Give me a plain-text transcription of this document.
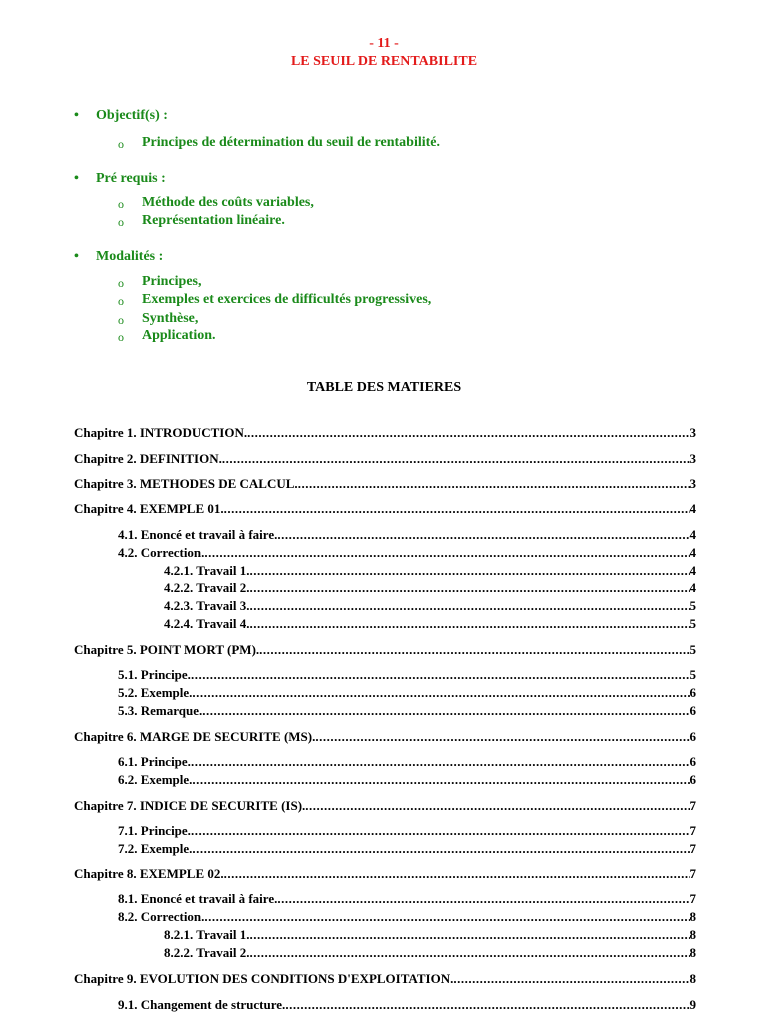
- 11 -
LE SEUIL DE RENTABILITE
• Objectif(s) :
o Principes de détermination du seuil de rentabilité.
• Pré requis :
o Méthode des coûts variables,
o Représentation linéaire.
• Modalités :
o Principes,
o Exemples et exercices de difficultés progressives,
o Synthèse,
o Application.
TABLE DES MATIERES
Chapitre 1. INTRODUCTION. .....	3
Chapitre 2. DEFINITION. .....	3
Chapitre 3. METHODES DE CALCUL. .....	3
Chapitre 4. EXEMPLE 01. .....	4
4.1. Enoncé et travail à faire. .....	4
4.2. Correction. .....	4
4.2.1. Travail 1. .....	4
4.2.2. Travail 2. .....	4
4.2.3. Travail 3. .....	5
4.2.4. Travail 4. .....	5
Chapitre 5. POINT MORT (PM). .....	5
5.1. Principe. .....	5
5.2. Exemple. .....	6
5.3. Remarque. .....	6
Chapitre 6. MARGE DE SECURITE (MS). .....	6
6.1. Principe. .....	6
6.2. Exemple. .....	6
Chapitre 7. INDICE DE SECURITE (IS). .....	7
7.1. Principe. .....	7
7.2. Exemple. .....	7
Chapitre 8. EXEMPLE 02. .....	7
8.1. Enoncé et travail à faire. .....	7
8.2. Correction. .....	8
8.2.1. Travail 1. .....	8
8.2.2. Travail 2. .....	8
Chapitre 9. EVOLUTION DES CONDITIONS D'EXPLOITATION. .....	8
9.1. Changement de structure. .....	9
